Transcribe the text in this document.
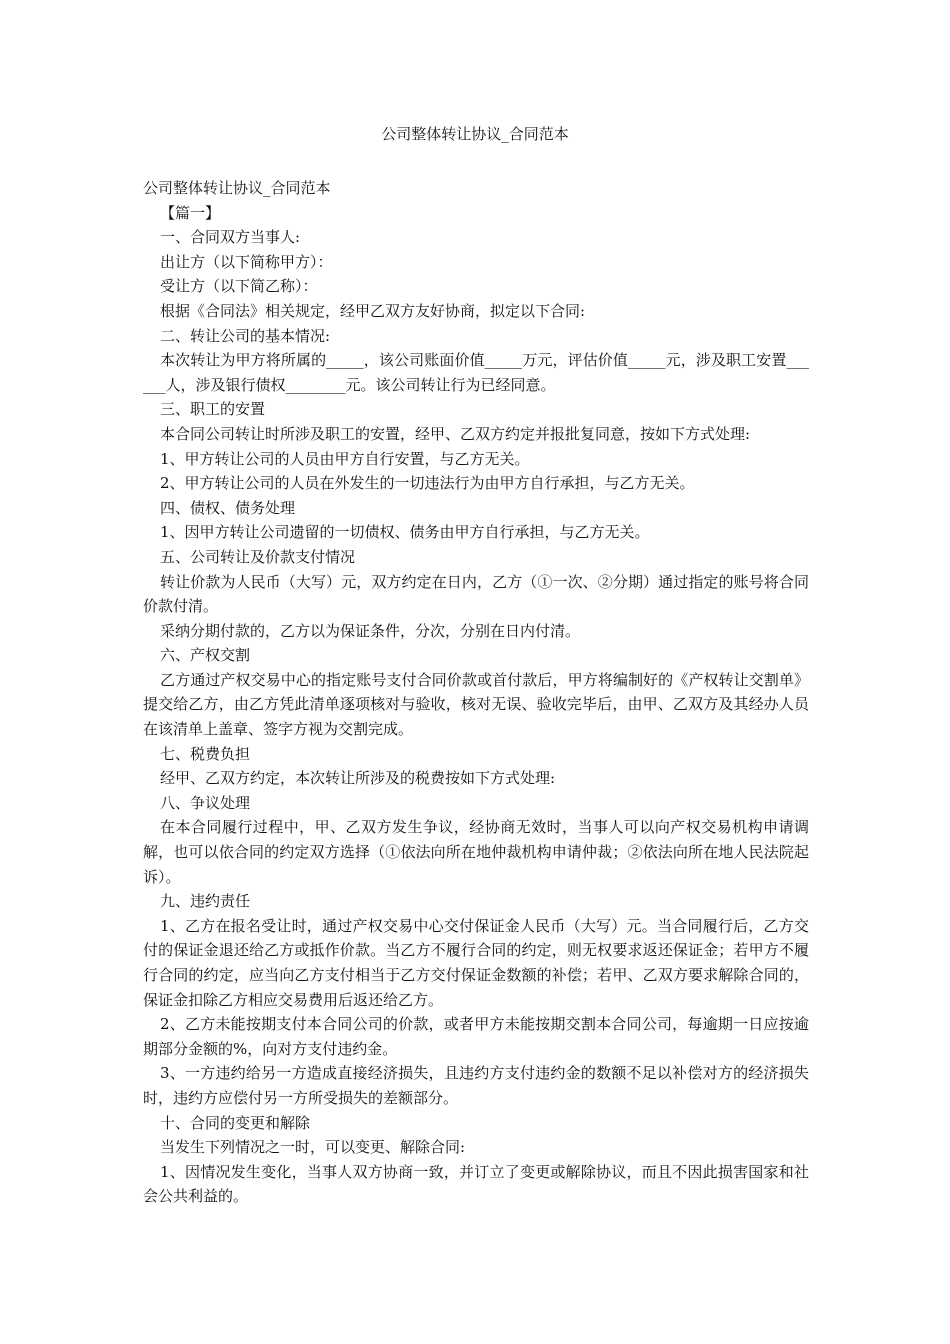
公司整体转让协议_合同范本

公司整体转让协议_合同范本

【篇一】

一、合同双方当事人:

出让方（以下简称甲方）：

受让方（以下简乙称）：

根据《合同法》相关规定，经甲乙双方友好协商，拟定以下合同:

二、转让公司的基本情况:

本次转让为甲方将所属的_____，该公司账面价值_____万元，评估价值_____元，涉及职工安置______人，涉及银行债权________元。该公司转让行为已经同意。

三、职工的安置

本合同公司转让时所涉及职工的安置，经甲、乙双方约定并报批复同意，按如下方式处理:

1、甲方转让公司的人员由甲方自行安置，与乙方无关。

2、甲方转让公司的人员在外发生的一切违法行为由甲方自行承担，与乙方无关。

四、债权、债务处理

1、因甲方转让公司遗留的一切债权、债务由甲方自行承担，与乙方无关。

五、公司转让及价款支付情况

转让价款为人民币（大写）元，双方约定在日内，乙方（①一次、②分期）通过指定的账号将合同价款付清。

采纳分期付款的，乙方以为保证条件，分次，分别在日内付清。

六、产权交割

乙方通过产权交易中心的指定账号支付合同价款或首付款后，甲方将编制好的《产权转让交割单》提交给乙方，由乙方凭此清单逐项核对与验收，核对无误、验收完毕后，由甲、乙双方及其经办人员在该清单上盖章、签字方视为交割完成。

七、税费负担

经甲、乙双方约定，本次转让所涉及的税费按如下方式处理:

八、争议处理

在本合同履行过程中，甲、乙双方发生争议，经协商无效时，当事人可以向产权交易机构申请调解，也可以依合同的约定双方选择（①依法向所在地仲裁机构申请仲裁；②依法向所在地人民法院起诉）。

九、违约责任

1、乙方在报名受让时，通过产权交易中心交付保证金人民币（大写）元。当合同履行后，乙方交付的保证金退还给乙方或抵作价款。当乙方不履行合同的约定，则无权要求返还保证金；若甲方不履行合同的约定，应当向乙方支付相当于乙方交付保证金数额的补偿；若甲、乙双方要求解除合同的，保证金扣除乙方相应交易费用后返还给乙方。

2、乙方未能按期支付本合同公司的价款，或者甲方未能按期交割本合同公司，每逾期一日应按逾期部分金额的%，向对方支付违约金。

3、一方违约给另一方造成直接经济损失，且违约方支付违约金的数额不足以补偿对方的经济损失时，违约方应偿付另一方所受损失的差额部分。

十、合同的变更和解除

当发生下列情况之一时，可以变更、解除合同:

1、因情况发生变化，当事人双方协商一致，并订立了变更或解除协议，而且不因此损害国家和社会公共利益的。
